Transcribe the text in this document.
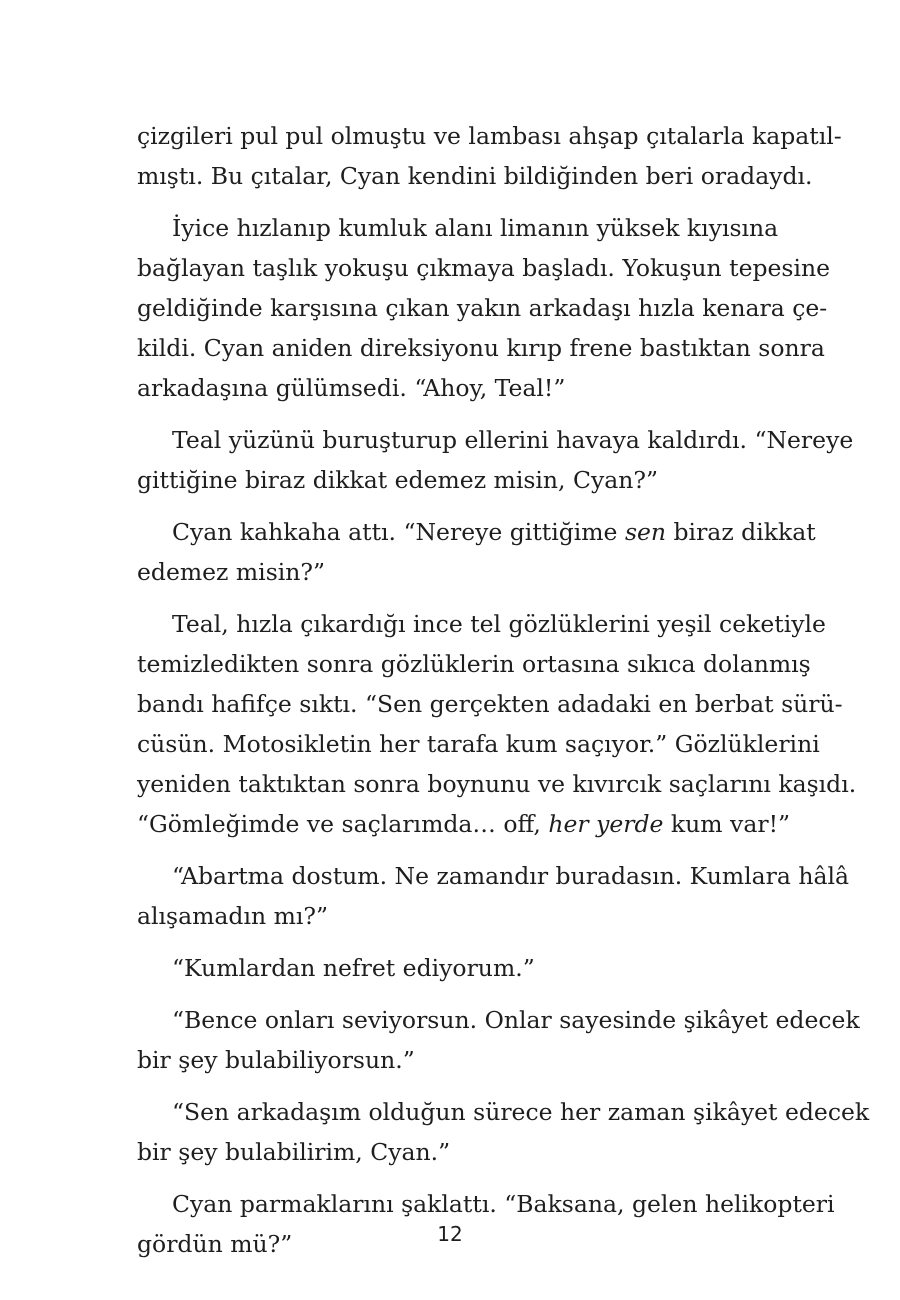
çizgileri pul pul olmuştu ve lambası ahşap çıtalarla kapatıl-
mıştı. Bu çıtalar, Cyan kendini bildiğinden beri oradaydı.
İyice hızlanıp kumluk alanı limanın yüksek kıyısına
bağlayan taşlık yokuşu çıkmaya başladı. Yokuşun tepesine
geldiğinde karşısına çıkan yakın arkadaşı hızla kenara çe-
kildi. Cyan aniden direksiyonu kırıp frene bastıktan sonra
arkadaşına gülümsedi. “Ahoy, Teal!”
Teal yüzünü buruşturup ellerini havaya kaldırdı. “Nereye
gittiğine biraz dikkat edemez misin, Cyan?”
Cyan kahkaha attı. “Nereye gittiğime sen biraz dikkat
edemez misin?”
Teal, hızla çıkardığı ince tel gözlüklerini yeşil ceketiyle
temizledikten sonra gözlüklerin ortasına sıkıca dolanmış
bandı hafifçe sıktı. “Sen gerçekten adadaki en berbat sürü-
cüsün. Motosikletin her tarafa kum saçıyor.” Gözlüklerini
yeniden taktıktan sonra boynunu ve kıvırcık saçlarını kaşıdı.
“Gömleğimde ve saçlarımda… off, her yerde kum var!”
“Abartma dostum. Ne zamandır buradasın. Kumlara hâlâ
alışamadın mı?”
“Kumlardan nefret ediyorum.”
“Bence onları seviyorsun. Onlar sayesinde şikâyet edecek
bir şey bulabiliyorsun.”
“Sen arkadaşım olduğun sürece her zaman şikâyet edecek
bir şey bulabilirim, Cyan.”
Cyan parmaklarını şaklattı. “Baksana, gelen helikopteri
gördün mü?”	12
